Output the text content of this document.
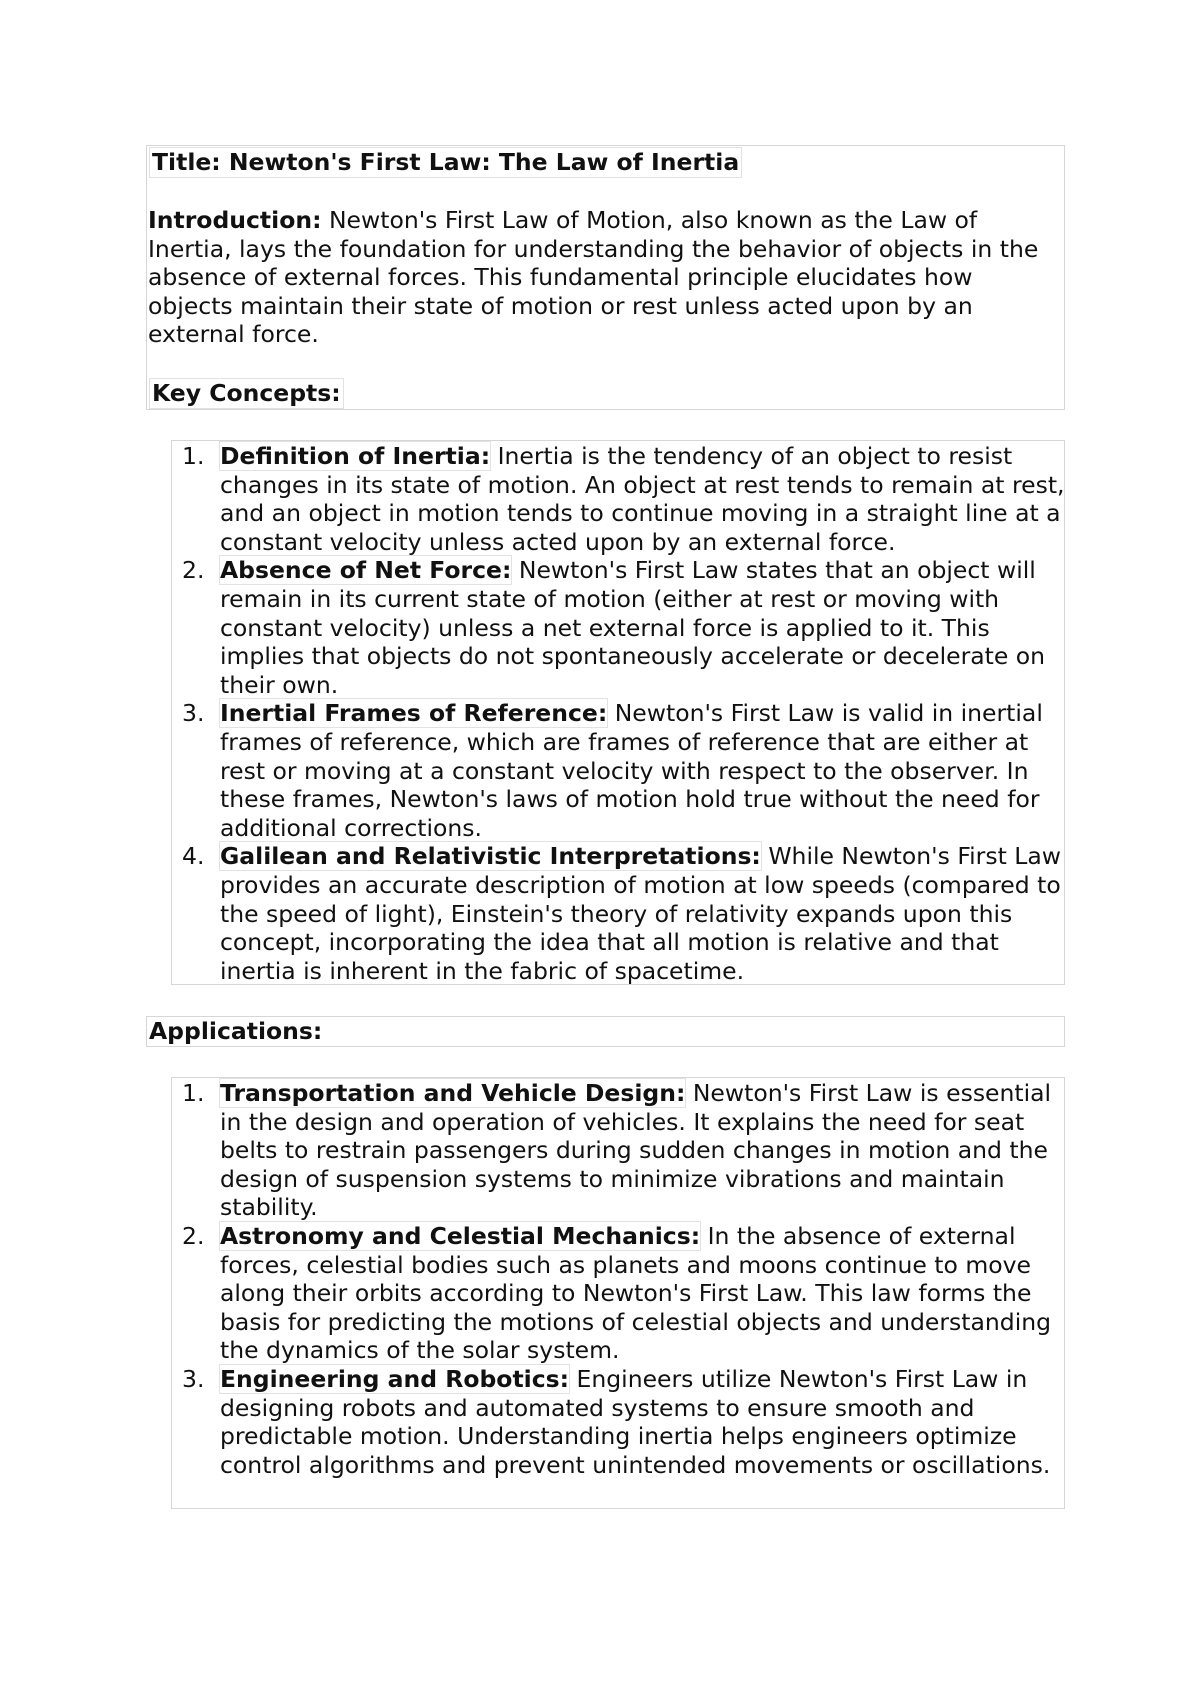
Title: Newton's First Law: The Law of Inertia

Introduction: Newton's First Law of Motion, also known as the Law of Inertia, lays the foundation for understanding the behavior of objects in the absence of external forces. This fundamental principle elucidates how objects maintain their state of motion or rest unless acted upon by an external force.

Key Concepts:

1. Definition of Inertia: Inertia is the tendency of an object to resist changes in its state of motion. An object at rest tends to remain at rest, and an object in motion tends to continue moving in a straight line at a constant velocity unless acted upon by an external force.
2. Absence of Net Force: Newton's First Law states that an object will remain in its current state of motion (either at rest or moving with constant velocity) unless a net external force is applied to it. This implies that objects do not spontaneously accelerate or decelerate on their own.
3. Inertial Frames of Reference: Newton's First Law is valid in inertial frames of reference, which are frames of reference that are either at rest or moving at a constant velocity with respect to the observer. In these frames, Newton's laws of motion hold true without the need for additional corrections.
4. Galilean and Relativistic Interpretations: While Newton's First Law provides an accurate description of motion at low speeds (compared to the speed of light), Einstein's theory of relativity expands upon this concept, incorporating the idea that all motion is relative and that inertia is inherent in the fabric of spacetime.

Applications:

1. Transportation and Vehicle Design: Newton's First Law is essential in the design and operation of vehicles. It explains the need for seat belts to restrain passengers during sudden changes in motion and the design of suspension systems to minimize vibrations and maintain stability.
2. Astronomy and Celestial Mechanics: In the absence of external forces, celestial bodies such as planets and moons continue to move along their orbits according to Newton's First Law. This law forms the basis for predicting the motions of celestial objects and understanding the dynamics of the solar system.
3. Engineering and Robotics: Engineers utilize Newton's First Law in designing robots and automated systems to ensure smooth and predictable motion. Understanding inertia helps engineers optimize control algorithms and prevent unintended movements or oscillations.
